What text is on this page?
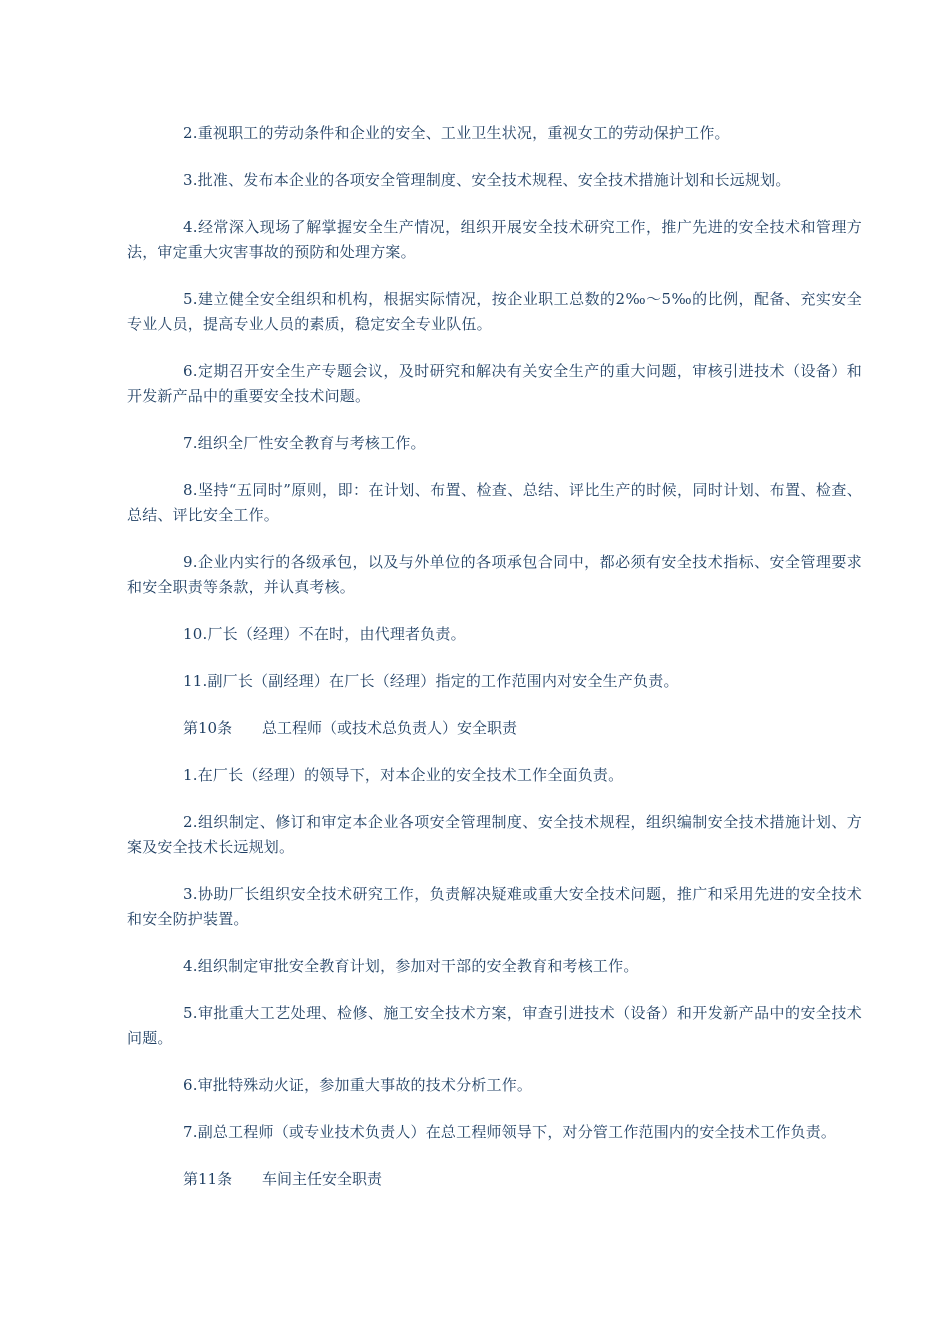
2.重视职工的劳动条件和企业的安全、工业卫生状况，重视女工的劳动保护工作。

3.批准、发布本企业的各项安全管理制度、安全技术规程、安全技术措施计划和长远规划。

4.经常深入现场了解掌握安全生产情况，组织开展安全技术研究工作，推广先进的安全技术和管理方法，审定重大灾害事故的预防和处理方案。

5.建立健全安全组织和机构，根据实际情况，按企业职工总数的2‰～5‰的比例，配备、充实安全专业人员，提高专业人员的素质，稳定安全专业队伍。

6.定期召开安全生产专题会议，及时研究和解决有关安全生产的重大问题，审核引进技术（设备）和开发新产品中的重要安全技术问题。

7.组织全厂性安全教育与考核工作。

8.坚持“五同时”原则，即：在计划、布置、检查、总结、评比生产的时候，同时计划、布置、检查、总结、评比安全工作。

9.企业内实行的各级承包，以及与外单位的各项承包合同中，都必须有安全技术指标、安全管理要求和安全职责等条款，并认真考核。

10.厂长（经理）不在时，由代理者负责。

11.副厂长（副经理）在厂长（经理）指定的工作范围内对安全生产负责。

第10条 总工程师（或技术总负责人）安全职责

1.在厂长（经理）的领导下，对本企业的安全技术工作全面负责。

2.组织制定、修订和审定本企业各项安全管理制度、安全技术规程，组织编制安全技术措施计划、方案及安全技术长远规划。

3.协助厂长组织安全技术研究工作，负责解决疑难或重大安全技术问题，推广和采用先进的安全技术和安全防护装置。

4.组织制定审批安全教育计划，参加对干部的安全教育和考核工作。

5.审批重大工艺处理、检修、施工安全技术方案，审查引进技术（设备）和开发新产品中的安全技术问题。

6.审批特殊动火证，参加重大事故的技术分析工作。

7.副总工程师（或专业技术负责人）在总工程师领导下，对分管工作范围内的安全技术工作负责。

第11条 车间主任安全职责
